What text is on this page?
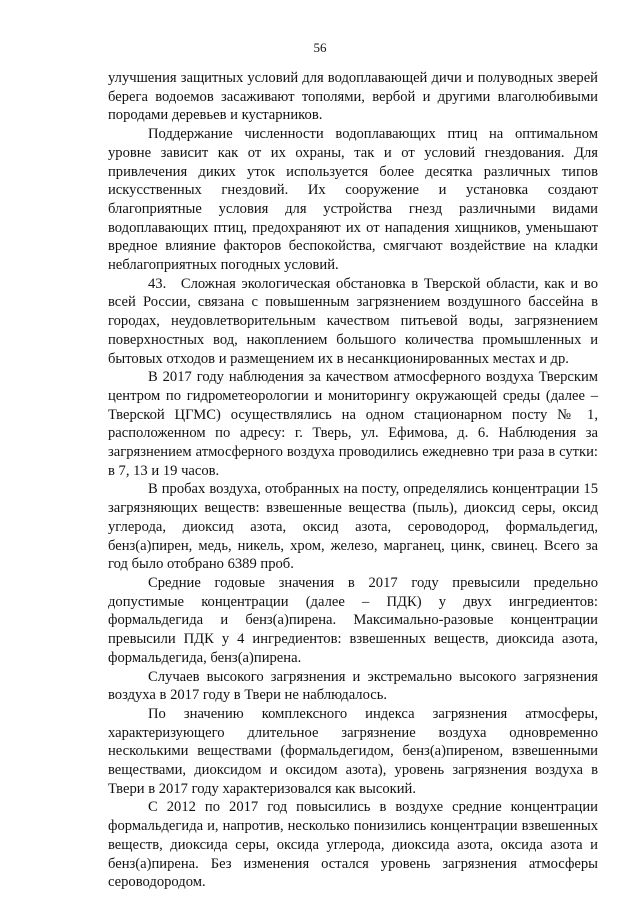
56

улучшения защитных условий для водоплавающей дичи и полуводных зверей берега водоемов засаживают тополями, вербой и другими влаголюбивыми породами деревьев и кустарников.

Поддержание численности водоплавающих птиц на оптимальном уровне зависит как от их охраны, так и от условий гнездования. Для привлечения диких уток используется более десятка различных типов искусственных гнездовий. Их сооружение и установка создают благоприятные условия для устройства гнезд различными видами водоплавающих птиц, предохраняют их от нападения хищников, уменьшают вредное влияние факторов беспокойства, смягчают воздействие на кладки неблагоприятных погодных условий.

43. Сложная экологическая обстановка в Тверской области, как и во всей России, связана с повышенным загрязнением воздушного бассейна в городах, неудовлетворительным качеством питьевой воды, загрязнением поверхностных вод, накоплением большого количества промышленных и бытовых отходов и размещением их в несанкционированных местах и др.

В 2017 году наблюдения за качеством атмосферного воздуха Тверским центром по гидрометеорологии и мониторингу окружающей среды (далее – Тверской ЦГМС) осуществлялись на одном стационарном посту № 1, расположенном по адресу: г. Тверь, ул. Ефимова, д. 6. Наблюдения за загрязнением атмосферного воздуха проводились ежедневно три раза в сутки: в 7, 13 и 19 часов.

В пробах воздуха, отобранных на посту, определялись концентрации 15 загрязняющих веществ: взвешенные вещества (пыль), диоксид серы, оксид углерода, диоксид азота, оксид азота, сероводород, формальдегид, бенз(а)пирен, медь, никель, хром, железо, марганец, цинк, свинец. Всего за год было отобрано 6389 проб.

Средние годовые значения в 2017 году превысили предельно допустимые концентрации (далее – ПДК) у двух ингредиентов: формальдегида и бенз(а)пирена. Максимально-разовые концентрации превысили ПДК у 4 ингредиентов: взвешенных веществ, диоксида азота, формальдегида, бенз(а)пирена.

Случаев высокого загрязнения и экстремально высокого загрязнения воздуха в 2017 году в Твери не наблюдалось.

По значению комплексного индекса загрязнения атмосферы, характеризующего длительное загрязнение воздуха одновременно несколькими веществами (формальдегидом, бенз(а)пиреном, взвешенными веществами, диоксидом и оксидом азота), уровень загрязнения воздуха в Твери в 2017 году характеризовался как высокий.

С 2012 по 2017 год повысились в воздухе средние концентрации формальдегида и, напротив, несколько понизились концентрации взвешенных веществ, диоксида серы, оксида углерода, диоксида азота, оксида азота и бенз(а)пирена. Без изменения остался уровень загрязнения атмосферы сероводородом.
